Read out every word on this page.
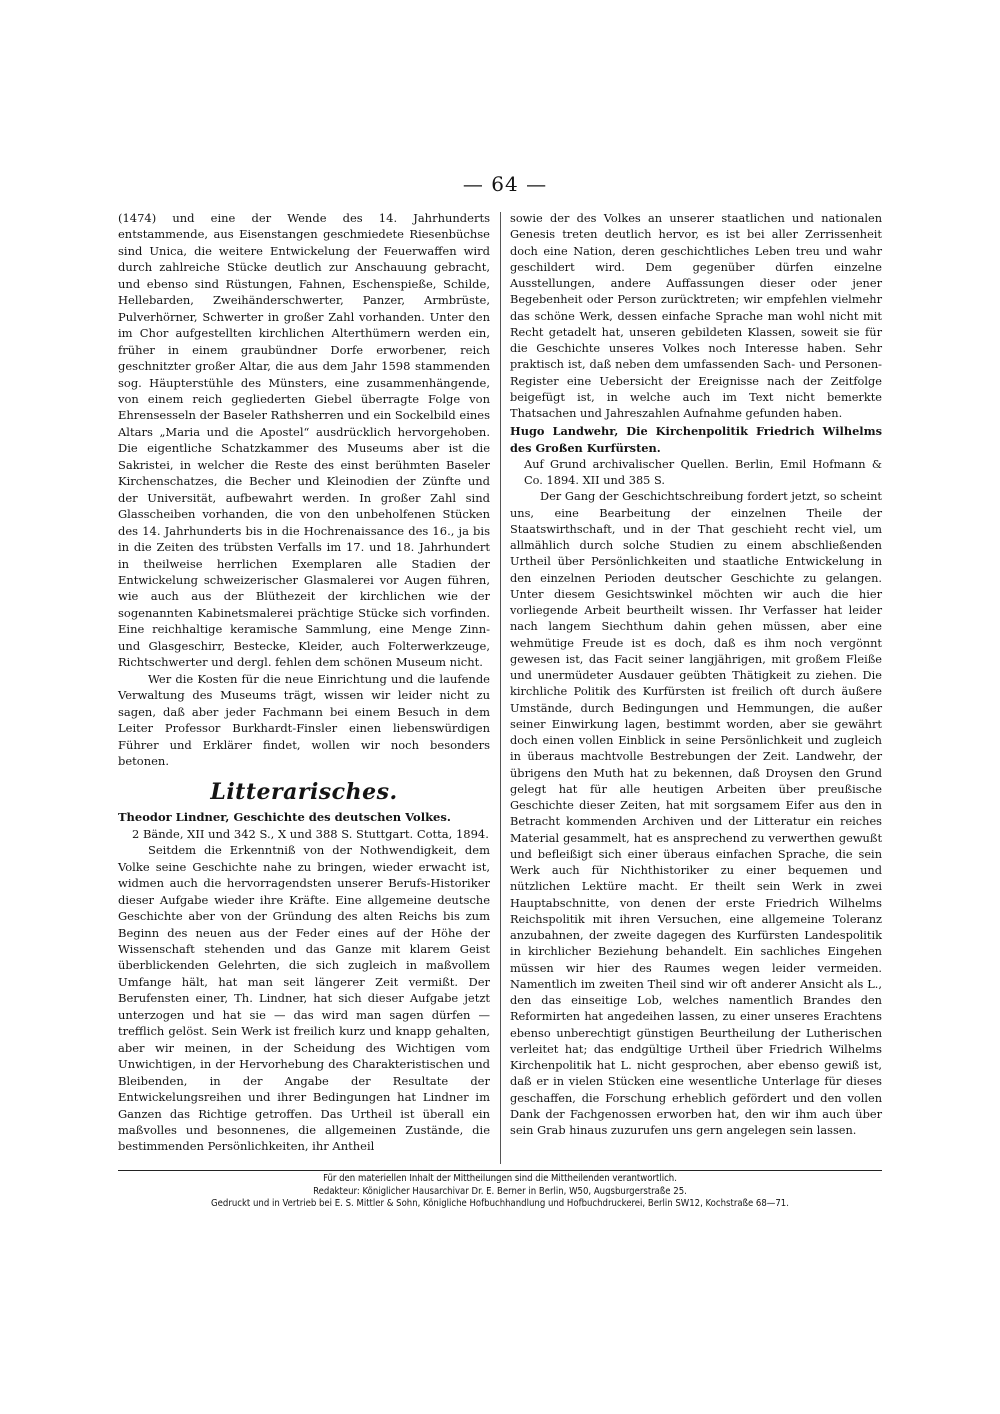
— 64 —

(1474) und eine der Wende des 14. Jahrhunderts entstammende, aus Eisenstangen geschmiedete Riesenbüchse sind Unica, die weitere Entwickelung der Feuerwaffen wird durch zahlreiche Stücke deutlich zur Anschauung gebracht, und ebenso sind Rüstungen, Fahnen, Eschenspieße, Schilde, Hellebarden, Zweihänderschwerter, Panzer, Armbrüste, Pulverhörner, Schwerter in großer Zahl vorhanden. Unter den im Chor aufgestellten kirchlichen Alterthümern werden ein, früher in einem graubündner Dorfe erworbener, reich geschnitzter großer Altar, die aus dem Jahr 1598 stammenden sog. Häupterstühle des Münsters, eine zusammenhängende, von einem reich gegliederten Giebel überragte Folge von Ehrensesseln der Baseler Rathsherren und ein Sockelbild eines Altars „Maria und die Apostel“ ausdrücklich hervorgehoben. Die eigentliche Schatzkammer des Museums aber ist die Sakristei, in welcher die Reste des einst berühmten Baseler Kirchenschatzes, die Becher und Kleinodien der Zünfte und der Universität, aufbewahrt werden. In großer Zahl sind Glasscheiben vorhanden, die von den unbeholfenen Stücken des 14. Jahrhunderts bis in die Hochrenaissance des 16., ja bis in die Zeiten des trübsten Verfalls im 17. und 18. Jahrhundert in theilweise herrlichen Exemplaren alle Stadien der Entwickelung schweizerischer Glasmalerei vor Augen führen, wie auch aus der Blüthezeit der kirchlichen wie der sogenannten Kabinetsmalerei prächtige Stücke sich vorfinden. Eine reichhaltige keramische Sammlung, eine Menge Zinn- und Glasgeschirr, Bestecke, Kleider, auch Folterwerkzeuge, Richtschwerter und dergl. fehlen dem schönen Museum nicht.

Wer die Kosten für die neue Einrichtung und die laufende Verwaltung des Museums trägt, wissen wir leider nicht zu sagen, daß aber jeder Fachmann bei einem Besuch in dem Leiter Professor Burkhardt-Finsler einen liebenswürdigen Führer und Erklärer findet, wollen wir noch besonders betonen.

Litterarisches.

Theodor Lindner, Geschichte des deutschen Volkes.
2 Bände, XII und 342 S., X und 388 S. Stuttgart. Cotta, 1894.

Seitdem die Erkenntniß von der Nothwendigkeit, dem Volke seine Geschichte nahe zu bringen, wieder erwacht ist, widmen auch die hervorragendsten unserer Berufs-Historiker dieser Aufgabe wieder ihre Kräfte. Eine allgemeine deutsche Geschichte aber von der Gründung des alten Reichs bis zum Beginn des neuen aus der Feder eines auf der Höhe der Wissenschaft stehenden und das Ganze mit klarem Geist überblickenden Gelehrten, die sich zugleich in maßvollem Umfange hält, hat man seit längerer Zeit vermißt. Der Berufensten einer, Th. Lindner, hat sich dieser Aufgabe jetzt unterzogen und hat sie — das wird man sagen dürfen — trefflich gelöst. Sein Werk ist freilich kurz und knapp gehalten, aber wir meinen, in der Scheidung des Wichtigen vom Unwichtigen, in der Hervorhebung des Charakteristischen und Bleibenden, in der Angabe der Resultate der Entwickelungsreihen und ihrer Bedingungen hat Lindner im Ganzen das Richtige getroffen. Das Urtheil ist überall ein maßvolles und besonnenes, die allgemeinen Zustände, die bestimmenden Persönlichkeiten, ihr Antheil

sowie der des Volkes an unserer staatlichen und nationalen Genesis treten deutlich hervor, es ist bei aller Zerrissenheit doch eine Nation, deren geschichtliches Leben treu und wahr geschildert wird. Dem gegenüber dürfen einzelne Ausstellungen, andere Auffassungen dieser oder jener Begebenheit oder Person zurücktreten; wir empfehlen vielmehr das schöne Werk, dessen einfache Sprache man wohl nicht mit Recht getadelt hat, unseren gebildeten Klassen, soweit sie für die Geschichte unseres Volkes noch Interesse haben. Sehr praktisch ist, daß neben dem umfassenden Sach- und Personen-Register eine Uebersicht der Ereignisse nach der Zeitfolge beigefügt ist, in welche auch im Text nicht bemerkte Thatsachen und Jahreszahlen Aufnahme gefunden haben.

Hugo Landwehr, Die Kirchenpolitik Friedrich Wilhelms des Großen Kurfürsten.
Auf Grund archivalischer Quellen. Berlin, Emil Hofmann & Co. 1894. XII und 385 S.

Der Gang der Geschichtschreibung fordert jetzt, so scheint uns, eine Bearbeitung der einzelnen Theile der Staatswirthschaft, und in der That geschieht recht viel, um allmählich durch solche Studien zu einem abschließenden Urtheil über Persönlichkeiten und staatliche Entwickelung in den einzelnen Perioden deutscher Geschichte zu gelangen. Unter diesem Gesichtswinkel möchten wir auch die hier vorliegende Arbeit beurtheilt wissen. Ihr Verfasser hat leider nach langem Siechthum dahin gehen müssen, aber eine wehmütige Freude ist es doch, daß es ihm noch vergönnt gewesen ist, das Facit seiner langjährigen, mit großem Fleiße und unermüdeter Ausdauer geübten Thätigkeit zu ziehen. Die kirchliche Politik des Kurfürsten ist freilich oft durch äußere Umstände, durch Bedingungen und Hemmungen, die außer seiner Einwirkung lagen, bestimmt worden, aber sie gewährt doch einen vollen Einblick in seine Persönlichkeit und zugleich in überaus machtvolle Bestrebungen der Zeit. Landwehr, der übrigens den Muth hat zu bekennen, daß Droysen den Grund gelegt hat für alle heutigen Arbeiten über preußische Geschichte dieser Zeiten, hat mit sorgsamem Eifer aus den in Betracht kommenden Archiven und der Litteratur ein reiches Material gesammelt, hat es ansprechend zu verwerthen gewußt und befleißigt sich einer überaus einfachen Sprache, die sein Werk auch für Nichthistoriker zu einer bequemen und nützlichen Lektüre macht. Er theilt sein Werk in zwei Hauptabschnitte, von denen der erste Friedrich Wilhelms Reichspolitik mit ihren Versuchen, eine allgemeine Toleranz anzubahnen, der zweite dagegen des Kurfürsten Landespolitik in kirchlicher Beziehung behandelt. Ein sachliches Eingehen müssen wir hier des Raumes wegen leider vermeiden. Namentlich im zweiten Theil sind wir oft anderer Ansicht als L., den das einseitige Lob, welches namentlich Brandes den Reformirten hat angedeihen lassen, zu einer unseres Erachtens ebenso unberechtigt günstigen Beurtheilung der Lutherischen verleitet hat; das endgültige Urtheil über Friedrich Wilhelms Kirchenpolitik hat L. nicht gesprochen, aber ebenso gewiß ist, daß er in vielen Stücken eine wesentliche Unterlage für dieses geschaffen, die Forschung erheblich gefördert und den vollen Dank der Fachgenossen erworben hat, den wir ihm auch über sein Grab hinaus zuzurufen uns gern angelegen sein lassen.

Für den materiellen Inhalt der Mittheilungen sind die Mittheilenden verantwortlich.
Redakteur: Königlicher Hausarchivar Dr. E. Berner in Berlin, W50, Augsburgerstraße 25.
Gedruckt und in Vertrieb bei E. S. Mittler & Sohn, Königliche Hofbuchhandlung und Hofbuchdruckerei, Berlin SW12, Kochstraße 68—71.
